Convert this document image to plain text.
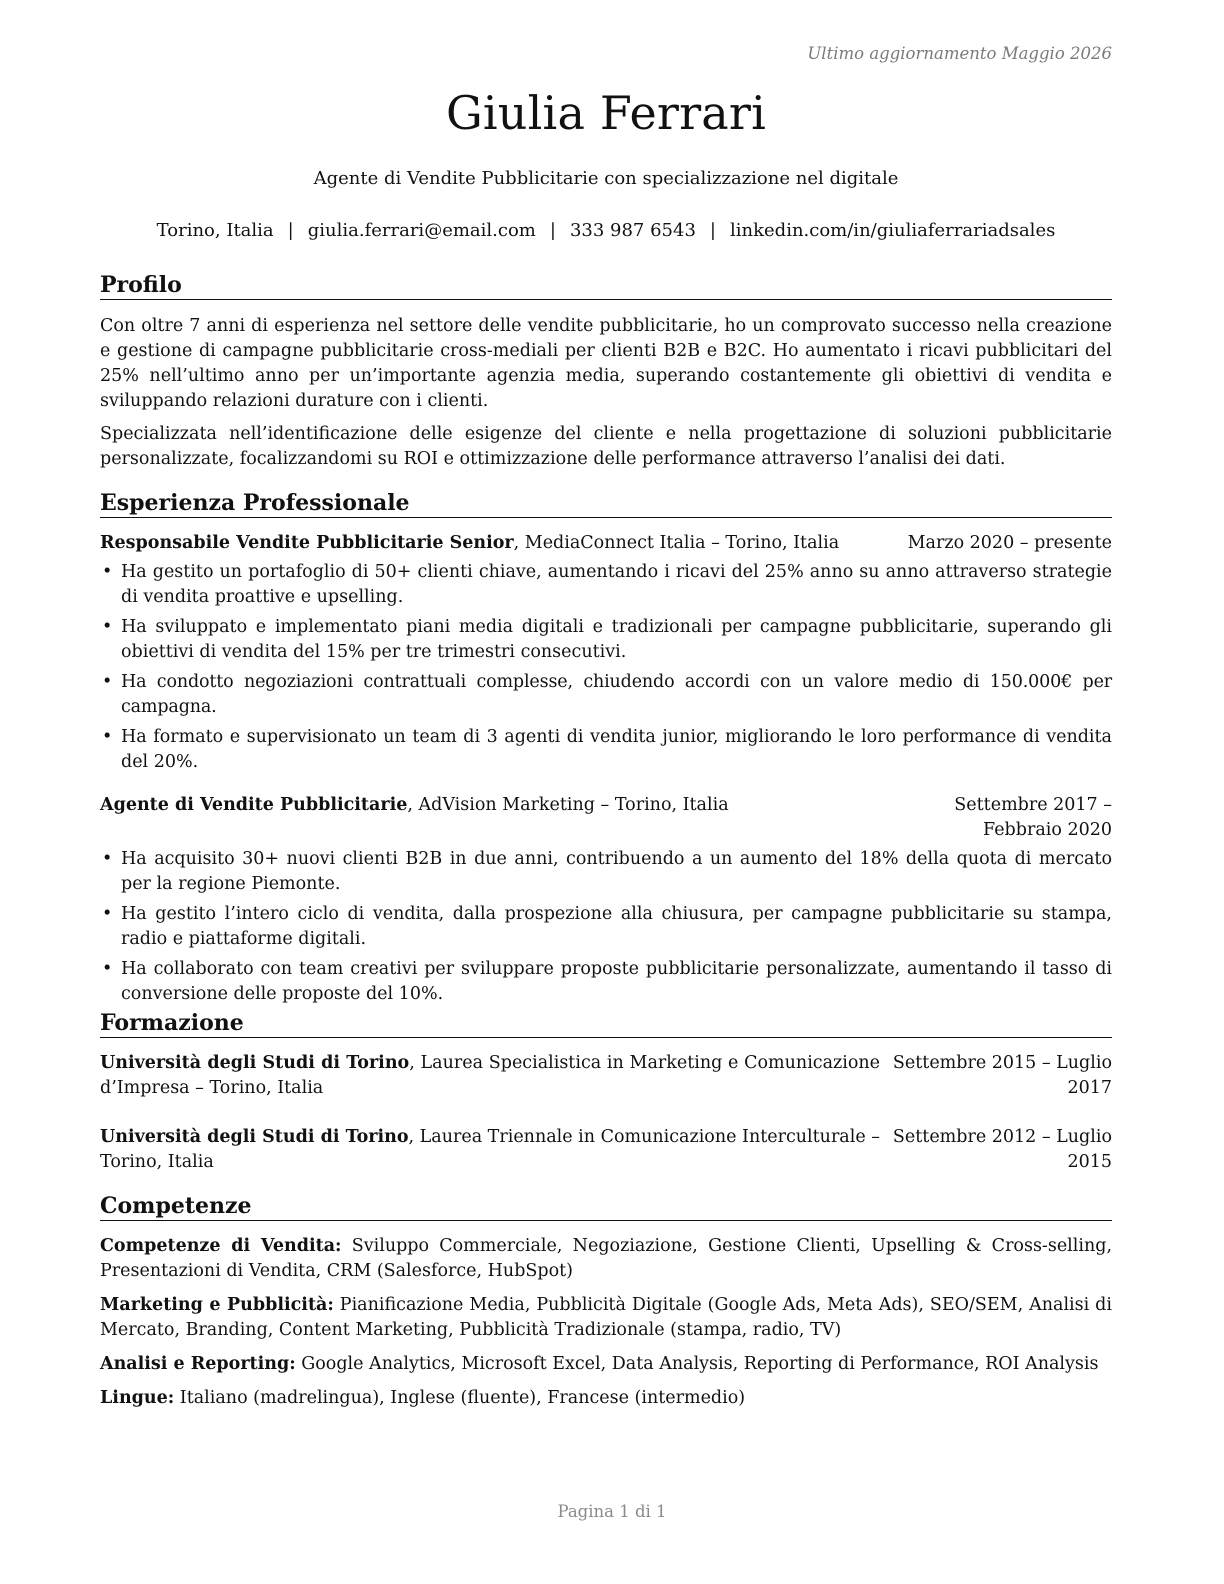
Ultimo aggiornamento Maggio 2026
Giulia Ferrari
Agente di Vendite Pubblicitarie con specializzazione nel digitale
Torino, Italia | giulia.ferrari@email.com | 333 987 6543 | linkedin.com/in/giuliaferrariadsales
Profilo

Con oltre 7 anni di esperienza nel settore delle vendite pubblicitarie, ho un comprovato successo nella creazione e gestione di campagne pubblicitarie cross-mediali per clienti B2B e B2C. Ho aumentato i ricavi pubblicitari del 25% nell’ultimo anno per un’importante agenzia media, superando costantemente gli obiettivi di vendita e sviluppando relazioni durature con i clienti.

Specializzata nell’identificazione delle esigenze del cliente e nella progettazione di soluzioni pubblicitarie personalizzate, focalizzandomi su ROI e ottimizzazione delle performance attraverso l’analisi dei dati.

Esperienza Professionale
Responsabile Vendite Pubblicitarie Senior, MediaConnect Italia – Torino, Italia	Marzo 2020 – presente
• Ha gestito un portafoglio di 50+ clienti chiave, aumentando i ricavi del 25% anno su anno attraverso strategie di vendita proattive e upselling.
• Ha sviluppato e implementato piani media digitali e tradizionali per campagne pubblicitarie, superando gli obiettivi di vendita del 15% per tre trimestri consecutivi.
• Ha condotto negoziazioni contrattuali complesse, chiudendo accordi con un valore medio di 150.000€ per campagna.
• Ha formato e supervisionato un team di 3 agenti di vendita junior, migliorando le loro performance di vendita del 20%.
Agente di Vendite Pubblicitarie, AdVision Marketing – Torino, Italia	Settembre 2017 – Febbraio 2020
• Ha acquisito 30+ nuovi clienti B2B in due anni, contribuendo a un aumento del 18% della quota di mercato per la regione Piemonte.
• Ha gestito l’intero ciclo di vendita, dalla prospezione alla chiusura, per campagne pubblicitarie su stampa, radio e piattaforme digitali.
• Ha collaborato con team creativi per sviluppare proposte pubblicitarie personalizzate, aumentando il tasso di conversione delle proposte del 10%.
Formazione
Università degli Studi di Torino, Laurea Specialistica in Marketing e Comunicazione d’Impresa – Torino, Italia
Settembre 2015 – Luglio 2017
Università degli Studi di Torino, Laurea Triennale in Comunicazione Interculturale – Torino, Italia
Settembre 2012 – Luglio 2015
Competenze
Competenze di Vendita: Sviluppo Commerciale, Negoziazione, Gestione Clienti, Upselling & Cross-selling, Presentazioni di Vendita, CRM (Salesforce, HubSpot)
Marketing e Pubblicità: Pianificazione Media, Pubblicità Digitale (Google Ads, Meta Ads), SEO/SEM, Analisi di Mercato, Branding, Content Marketing, Pubblicità Tradizionale (stampa, radio, TV)
Analisi e Reporting: Google Analytics, Microsoft Excel, Data Analysis, Reporting di Performance, ROI Analysis
Lingue: Italiano (madrelingua), Inglese (fluente), Francese (intermedio)
Pagina 1 di 1
